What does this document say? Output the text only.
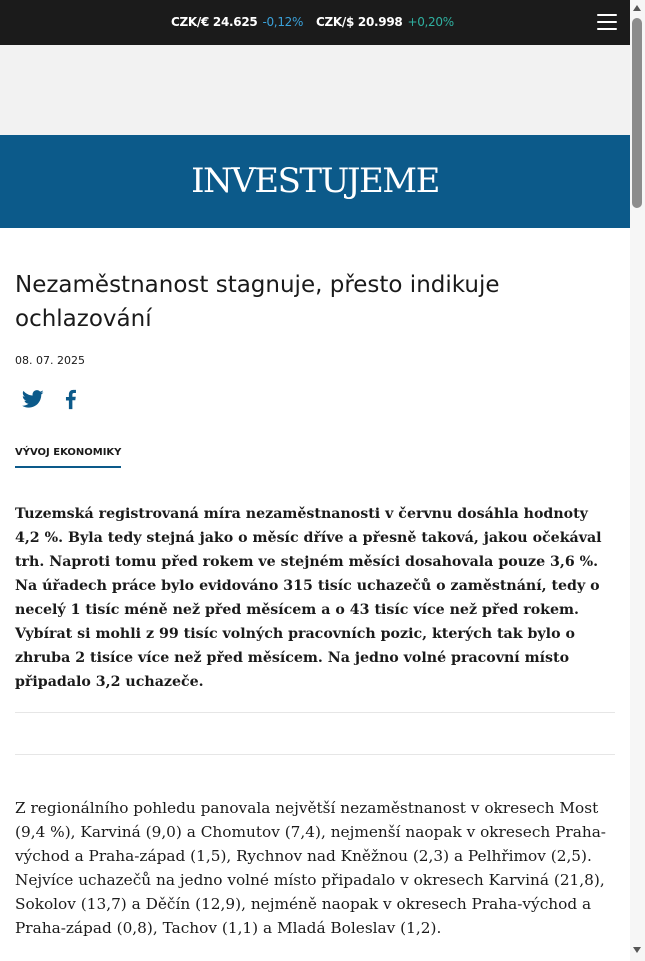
CZK/€ 24.625 -0,12% CZK/$ 20.998 +0,20%
INVESTUJEME
Nezaměstnanost stagnuje, přesto indikuje ochlazování
08. 07. 2025
VÝVOJ EKONOMIKY

Tuzemská registrovaná míra nezaměstnanosti v červnu dosáhla hodnoty 4,2 %. Byla tedy stejná jako o měsíc dříve a přesně taková, jakou očekával trh. Naproti tomu před rokem ve stejném měsíci dosahovala pouze 3,6 %. Na úřadech práce bylo evidováno 315 tisíc uchazečů o zaměstnání, tedy o necelý 1 tisíc méně než před měsícem a o 43 tisíc více než před rokem. Vybírat si mohli z 99 tisíc volných pracovních pozic, kterých tak bylo o zhruba 2 tisíce více než před měsícem. Na jedno volné pracovní místo připadalo 3,2 uchazeče.

Z regionálního pohledu panovala největší nezaměstnanost v okresech Most (9,4 %), Karviná (9,0) a Chomutov (7,4), nejmenší naopak v okresech Praha-východ a Praha-západ (1,5), Rychnov nad Kněžnou (2,3) a Pelhřimov (2,5). Nejvíce uchazečů na jedno volné místo připadalo v okresech Karviná (21,8), Sokolov (13,7) a Děčín (12,9), nejméně naopak v okresech Praha-východ a Praha-západ (0,8), Tachov (1,1) a Mladá Boleslav (1,2).
